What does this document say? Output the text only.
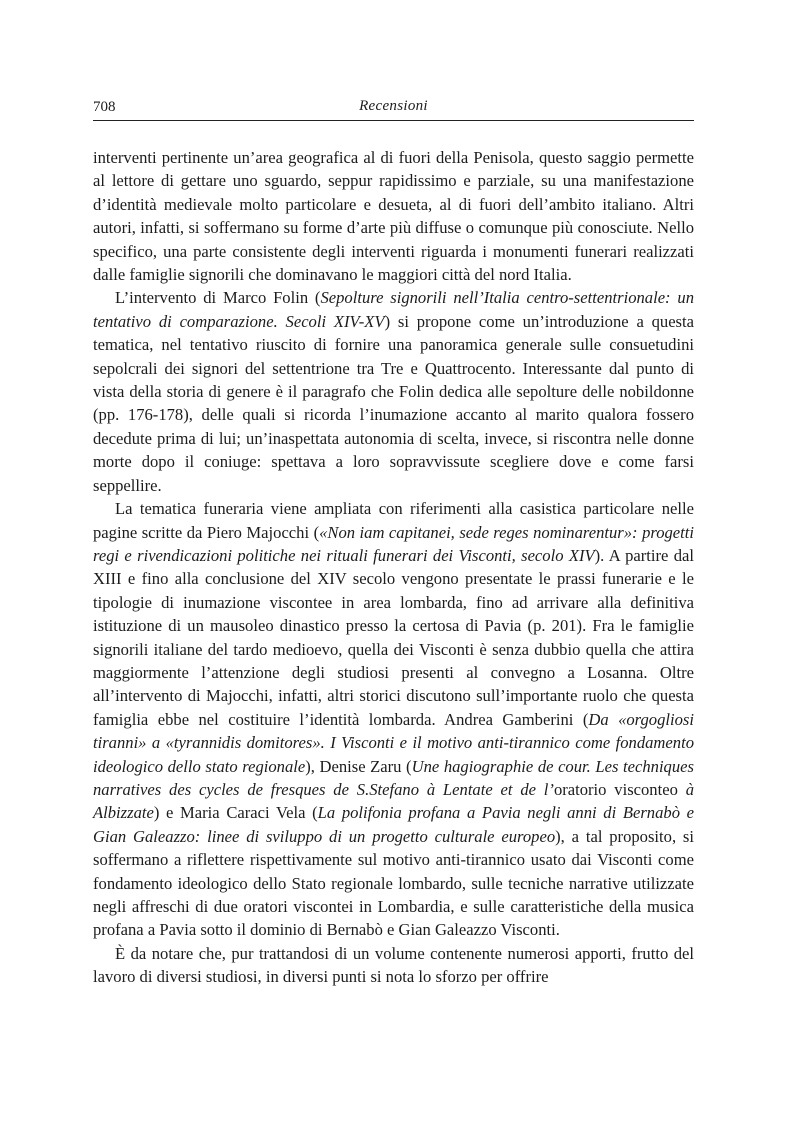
708	Recensioni

interventi pertinente un’area geografica al di fuori della Penisola, questo saggio permette al lettore di gettare uno sguardo, seppur rapidissimo e parziale, su una manifestazione d’identità medievale molto particolare e desueta, al di fuori dell’ambito italiano. Altri autori, infatti, si soffermano su forme d’arte più diffuse o comunque più conosciute. Nello specifico, una parte consistente degli interventi riguarda i monumenti funerari realizzati dalle famiglie signorili che dominavano le maggiori città del nord Italia.

L’intervento di Marco Folin (Sepolture signorili nell’Italia centro-settentrionale: un tentativo di comparazione. Secoli XIV-XV) si propone come un’introduzione a questa tematica, nel tentativo riuscito di fornire una panoramica generale sulle consuetudini sepolcrali dei signori del settentrione tra Tre e Quattrocento. Interessante dal punto di vista della storia di genere è il paragrafo che Folin dedica alle sepolture delle nobildonne (pp. 176-178), delle quali si ricorda l’inumazione accanto al marito qualora fossero decedute prima di lui; un’inaspettata autonomia di scelta, invece, si riscontra nelle donne morte dopo il coniuge: spettava a loro sopravvissute scegliere dove e come farsi seppellire.

La tematica funeraria viene ampliata con riferimenti alla casistica particolare nelle pagine scritte da Piero Majocchi («Non iam capitanei, sede reges nominarentur»: progetti regi e rivendicazioni politiche nei rituali funerari dei Visconti, secolo XIV). A partire dal XIII e fino alla conclusione del XIV secolo vengono presentate le prassi funerarie e le tipologie di inumazione viscontee in area lombarda, fino ad arrivare alla definitiva istituzione di un mausoleo dinastico presso la certosa di Pavia (p. 201). Fra le famiglie signorili italiane del tardo medioevo, quella dei Visconti è senza dubbio quella che attira maggiormente l’attenzione degli studiosi presenti al convegno a Losanna. Oltre all’intervento di Majocchi, infatti, altri storici discutono sull’importante ruolo che questa famiglia ebbe nel costituire l’identità lombarda. Andrea Gamberini (Da «orgogliosi tiranni» a «tyrannidis domitores». I Visconti e il motivo anti-tirannico come fondamento ideologico dello stato regionale), Denise Zaru (Une hagiographie de cour. Les techniques narratives des cycles de fresques de S.Stefano à Lentate et de l’oratorio visconteo à Albizzate) e Maria Caraci Vela (La polifonia profana a Pavia negli anni di Bernabò e Gian Galeazzo: linee di sviluppo di un progetto culturale europeo), a tal proposito, si soffermano a riflettere rispettivamente sul motivo anti-tirannico usato dai Visconti come fondamento ideologico dello Stato regionale lombardo, sulle tecniche narrative utilizzate negli affreschi di due oratori viscontei in Lombardia, e sulle caratteristiche della musica profana a Pavia sotto il dominio di Bernabò e Gian Galeazzo Visconti.

È da notare che, pur trattandosi di un volume contenente numerosi apporti, frutto del lavoro di diversi studiosi, in diversi punti si nota lo sforzo per offrire
